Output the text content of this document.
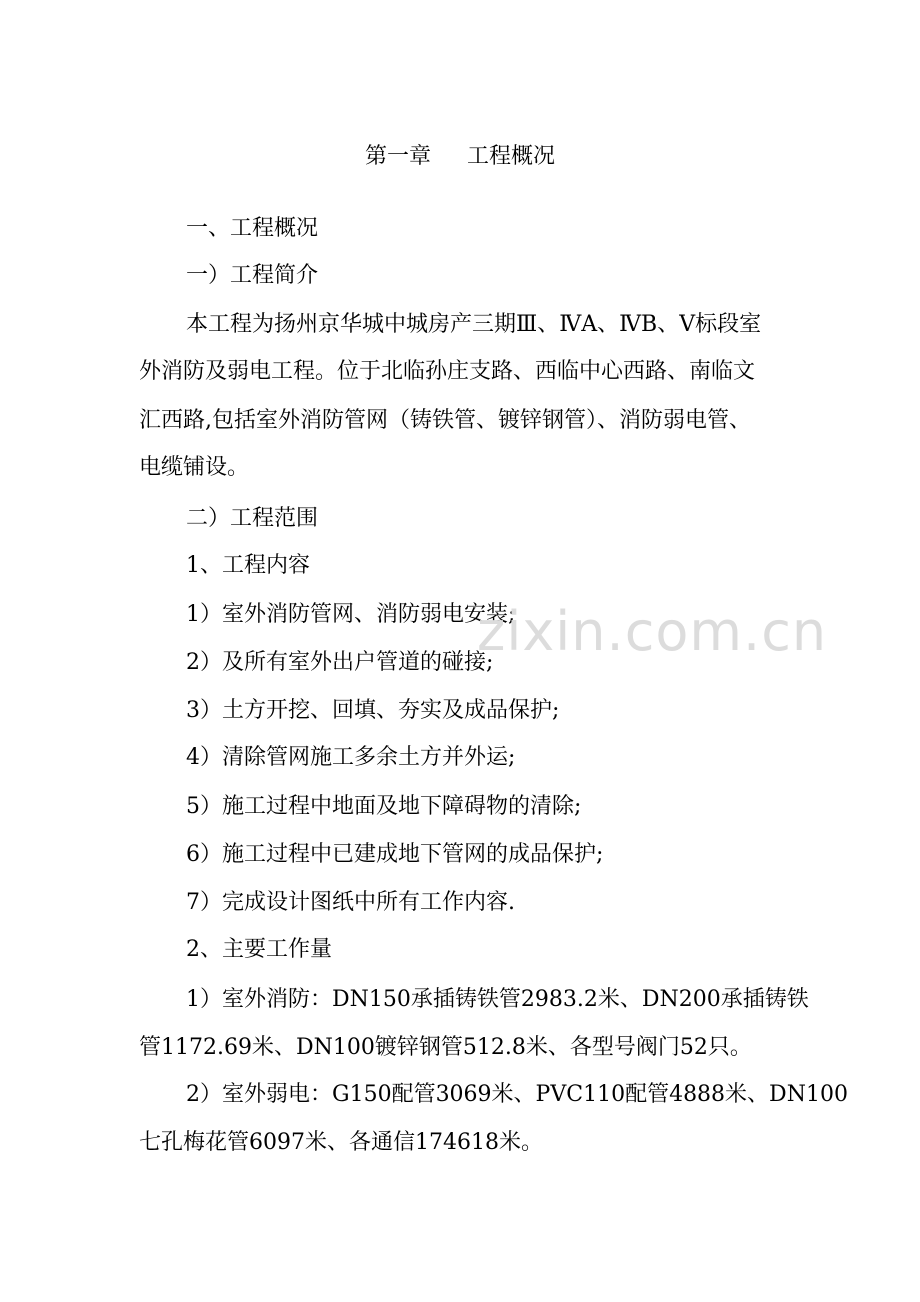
第一章 工程概况
一、工程概况
一）工程简介
本工程为扬州京华城中城房产三期Ⅲ、ⅣA、ⅣB、Ⅴ标段室
外消防及弱电工程。位于北临孙庄支路、西临中心西路、南临文
汇西路,包括室外消防管网（铸铁管、镀锌钢管）、消防弱电管、
电缆铺设。
二）工程范围
1、工程内容
1）室外消防管网、消防弱电安装;
2）及所有室外出户管道的碰接;
3）土方开挖、回填、夯实及成品保护;
4）清除管网施工多余土方并外运;
5）施工过程中地面及地下障碍物的清除;
6）施工过程中已建成地下管网的成品保护;
7）完成设计图纸中所有工作内容.
2、主要工作量
1）室外消防：DN150承插铸铁管2983.2米、DN200承插铸铁
管1172.69米、DN100镀锌钢管512.8米、各型号阀门52只。
2）室外弱电：G150配管3069米、PVC110配管4888米、DN100
七孔梅花管6097米、各通信174618米。
zixin.com.cn
